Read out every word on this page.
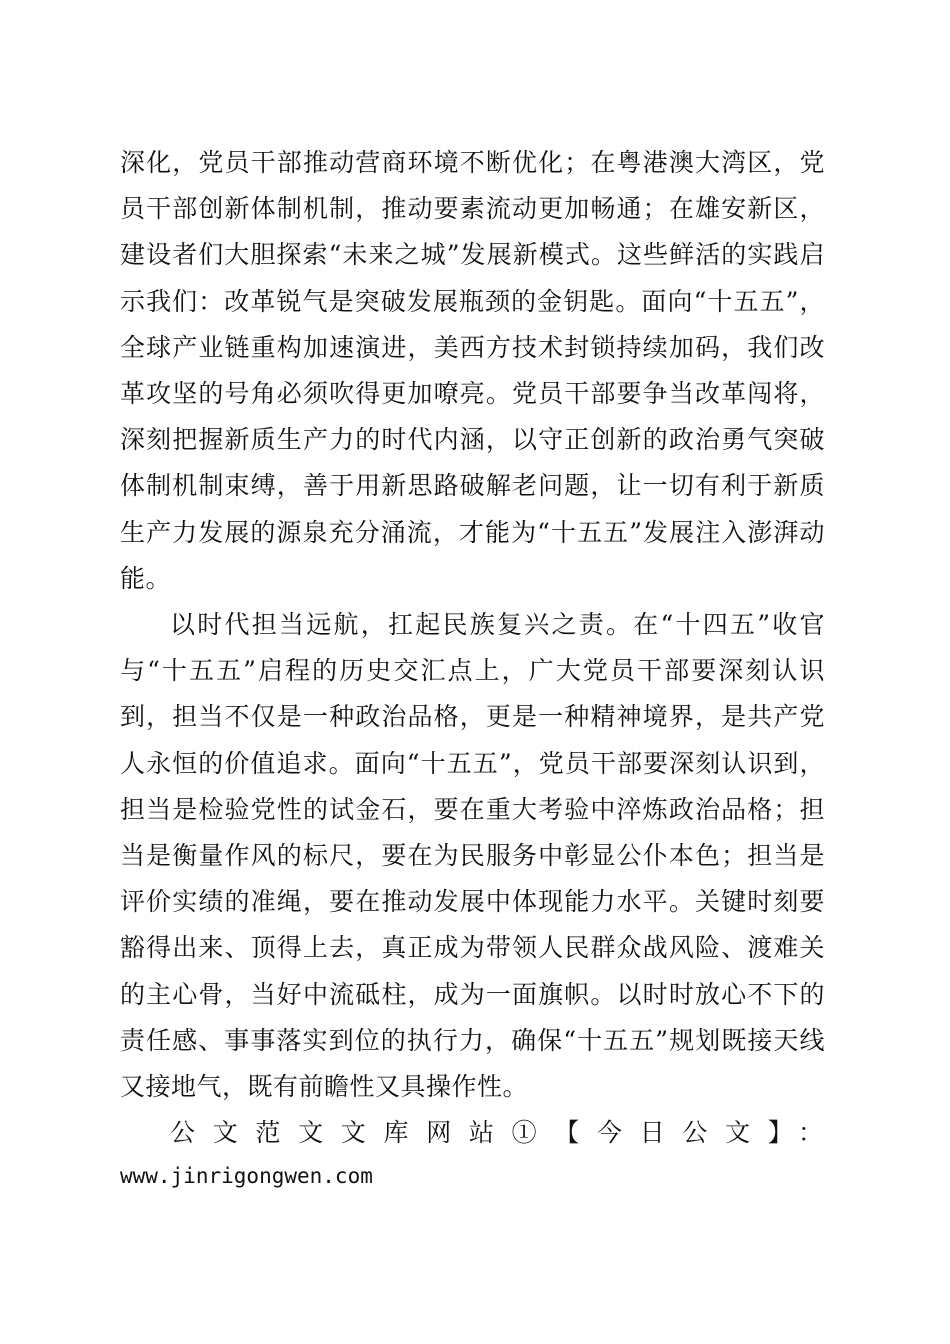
深化，党员干部推动营商环境不断优化；在粤港澳大湾区，党员干部创新体制机制，推动要素流动更加畅通；在雄安新区，建设者们大胆探索“未来之城”发展新模式。这些鲜活的实践启示我们：改革锐气是突破发展瓶颈的金钥匙。面向“十五五”，全球产业链重构加速演进，美西方技术封锁持续加码，我们改革攻坚的号角必须吹得更加嘹亮。党员干部要争当改革闯将，深刻把握新质生产力的时代内涵，以守正创新的政治勇气突破体制机制束缚，善于用新思路破解老问题，让一切有利于新质生产力发展的源泉充分涌流，才能为“十五五”发展注入澎湃动能。

以时代担当远航，扛起民族复兴之责。在“十四五”收官与“十五五”启程的历史交汇点上，广大党员干部要深刻认识到，担当不仅是一种政治品格，更是一种精神境界，是共产党人永恒的价值追求。面向“十五五”，党员干部要深刻认识到，担当是检验党性的试金石，要在重大考验中淬炼政治品格；担当是衡量作风的标尺，要在为民服务中彰显公仆本色；担当是评价实绩的准绳，要在推动发展中体现能力水平。关键时刻要豁得出来、顶得上去，真正成为带领人民群众战风险、渡难关的主心骨，当好中流砥柱，成为一面旗帜。以时时放心不下的责任感、事事落实到位的执行力，确保“十五五”规划既接天线又接地气，既有前瞻性又具操作性。

公文范文文库网站①【今日公文】：

www.jinrigongwen.com
